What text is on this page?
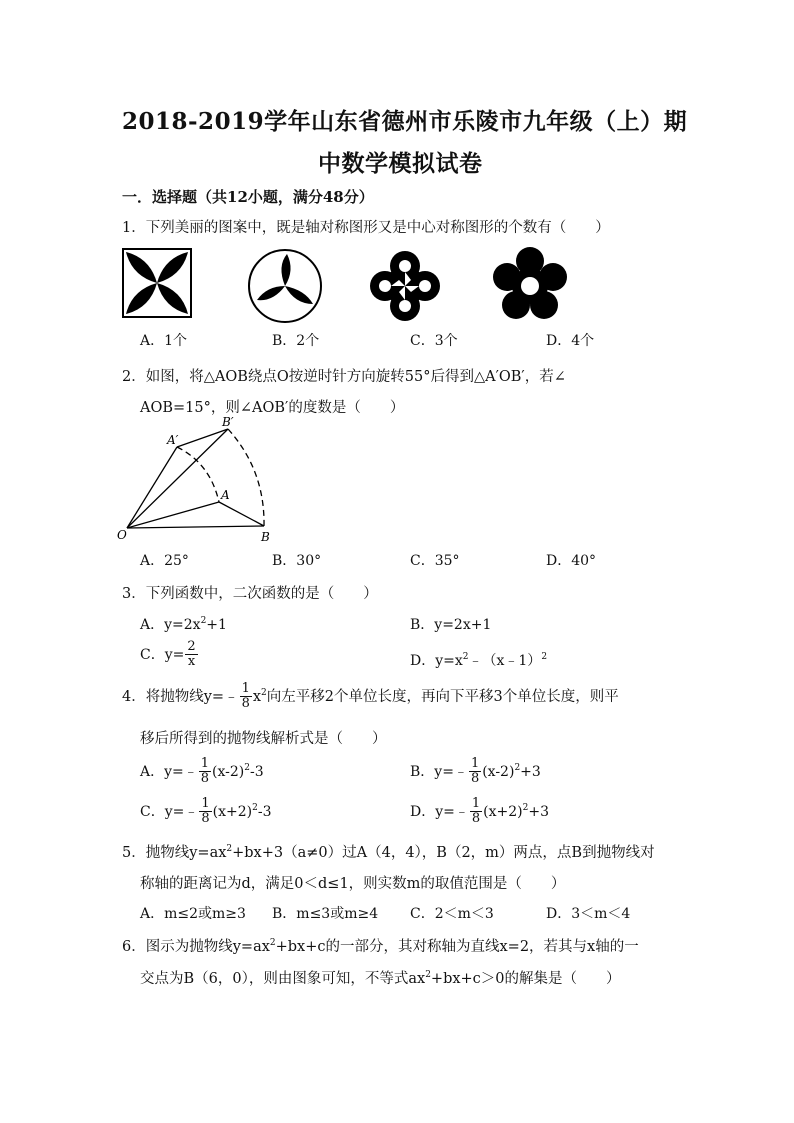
2018-2019学年山东省德州市乐陵市九年级（上）期
中数学模拟试卷
一．选择题（共12小题，满分48分）
1．下列美丽的图案中，既是轴对称图形又是中心对称图形的个数有（　　）
A．1个	B．2个	C．3个	D．4个
2．如图，将△AOB绕点O按逆时针方向旋转55°后得到△A′OB′，若∠
AOB=15°，则∠AOB′的度数是（　　）
A′
B′
A
O	B
A．25°	B．30°	C．35°	D．40°
3．下列函数中，二次函数的是（　　）
A．$y=2x^2+1$	B．y=2x+1
C．$y= \frac{2}{x}$	D．$y=x^2﹣(x﹣1)^2$
4．将抛物线y=﹣ $\frac{1}{8} x^2$向左平移2个单位长度，再向下平移3个单位长度，则平
移后所得到的抛物线解析式是（　　）
A．y=﹣ $\frac{1}{8} (x-2)^2-3$	B．y=﹣ $\frac{1}{8} (x-2)^2+3$
C．y=﹣ $\frac{1}{8} (x+2)^2-3$	D．y=﹣ $\frac{1}{8} (x+2)^2+3$
5．抛物线$y=ax^2+bx+3(a\ne 0)$过A（4，4），B（2，m）两点，点B到抛物线对
称轴的距离记为d，满足0＜d≤1，则实数m的取值范围是（　　）
A．m≤2或m≥3 B．m≤3或m≥4 C．2＜m＜3	D．3＜m＜4
6．图示为抛物线$y=ax^2+bx+c$的一部分，其对称轴为直线x=2，若其与x轴的一
交点为B（6，0），则由图象可知，不等式$ax^2+bx+c>0$的解集是（　　）
